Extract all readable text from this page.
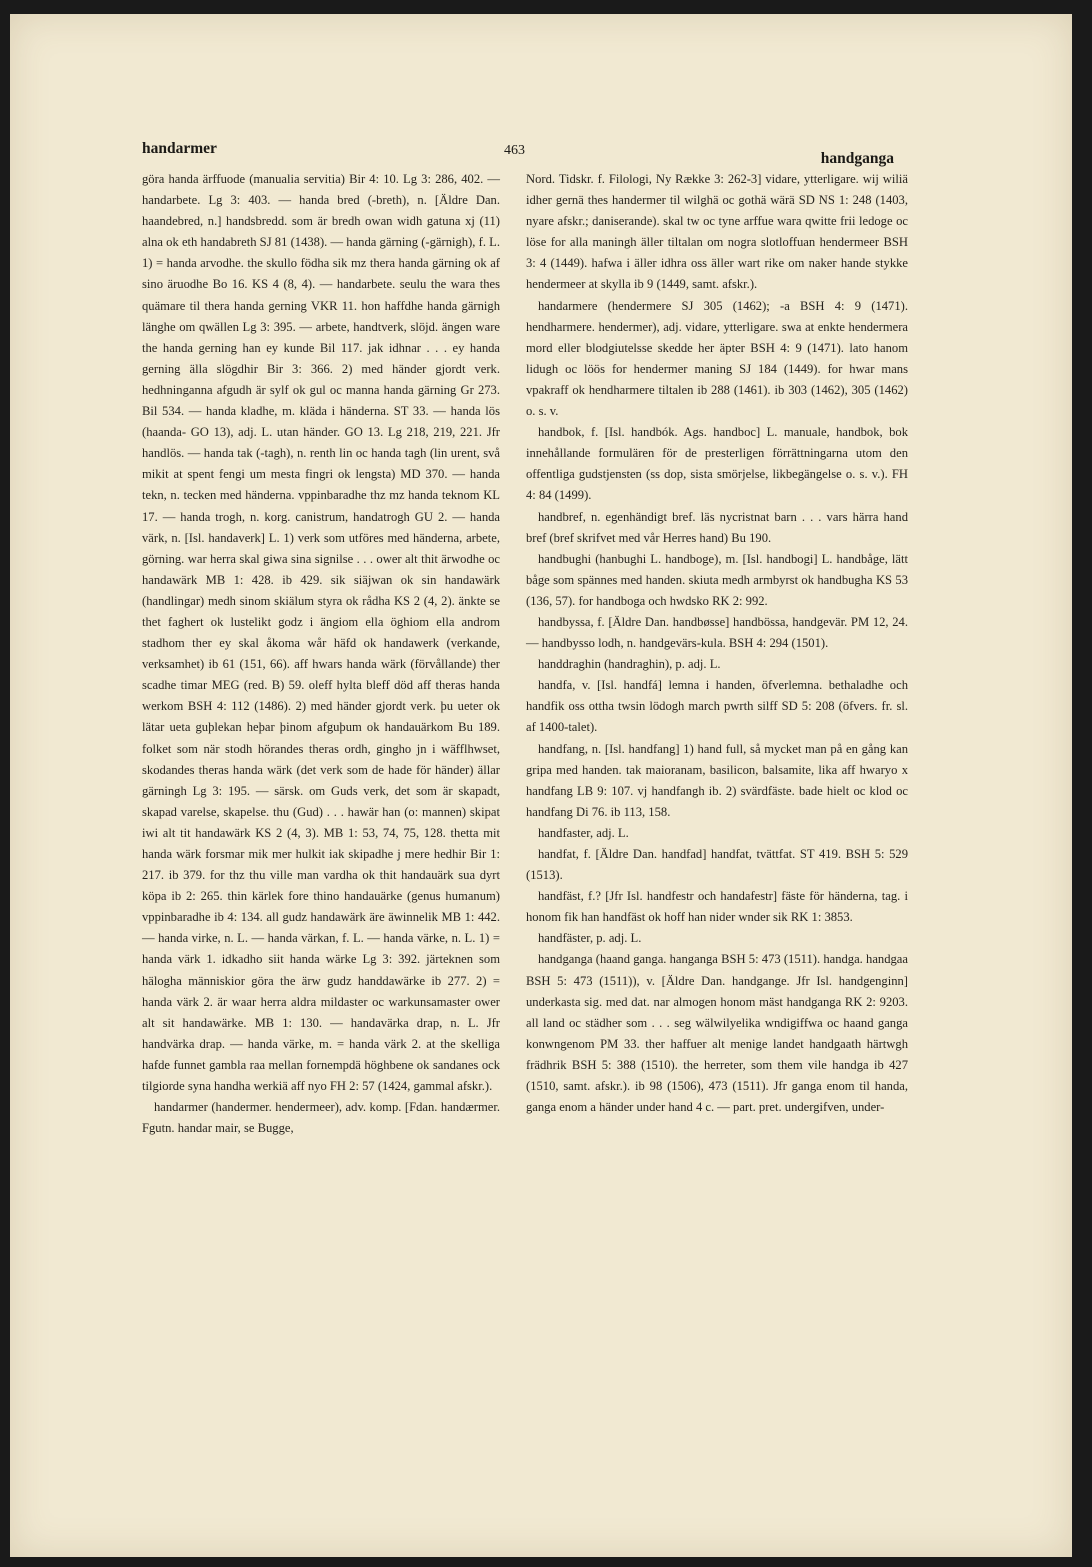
handarmer	463	handganga

göra handa ärffuode (manualia servitia) Bir 4: 10. Lg 3: 286, 402. — handarbete. Lg 3: 403. — handa bred (-breth), n. [Äldre Dan. haandebred, n.] handsbredd. som är bredh owan widh gatuna xj (11) alna ok eth handabreth SJ 81 (1438). — handa gärning (-gärnigh), f. L. 1) = handa arvodhe. the skullo födha sik mz thera handa gärning ok af sino äruodhe Bo 16. KS 4 (8, 4). — handarbete. seulu the wara thes quämare til thera handa gerning VKR 11. hon haffdhe handa gärnigh länghe om qwällen Lg 3: 395. — arbete, handtverk, slöjd. ängen ware the handa gerning han ey kunde Bil 117. jak idhnar . . . ey handa gerning älla slögdhir Bir 3: 366. 2) med händer gjordt verk. hedhninganna afgudh är sylf ok gul oc manna handa gärning Gr 273. Bil 534. — handa kladhe, m. kläda i händerna. ST 33. — handa lös (haanda- GO 13), adj. L. utan händer. GO 13. Lg 218, 219, 221. Jfr handlös. — handa tak (-tagh), n. renth lin oc handa tagh (lin urent, svå mikit at spent fengi um mesta fingri ok lengsta) MD 370. — handa tekn, n. tecken med händerna. vppinbaradhe thz mz handa teknom KL 17. — handa trogh, n. korg. canistrum, handatrogh GU 2. — handa värk, n. [Isl. handaverk] L. 1) verk som utföres med händerna, arbete, görning. war herra skal giwa sina signilse . . . ower alt thit ärwodhe oc handawärk MB 1: 428. ib 429. sik siäjwan ok sin handawärk (handlingar) medh sinom skiälum styra ok rådha KS 2 (4, 2). änkte se thet faghert ok lustelikt godz i ängiom ella öghiom ella androm stadhom ther ey skal åkoma wår häfd ok handawerk (verkande, verksamhet) ib 61 (151, 66). aff hwars handa wärk (förvållande) ther scadhe timar MEG (red. B) 59. oleff hylta bleff död aff theras handa werkom BSH 4: 112 (1486). 2) med händer gjordt verk. þu ueter ok lätar ueta guþlekan heþar þinom afguþum ok handauärkom Bu 189. folket som när stodh hörandes theras ordh, gingho jn i wäfflhwset, skodandes theras handa wärk (det verk som de hade för händer) ällar gärningh Lg 3: 195. — särsk. om Guds verk, det som är skapadt, skapad varelse, skapelse. thu (Gud) . . . hawär han (o: mannen) skipat iwi alt tit handawärk KS 2 (4, 3). MB 1: 53, 74, 75, 128. thetta mit handa wärk forsmar mik mer hulkit iak skipadhe j mere hedhir Bir 1: 217. ib 379. for thz thu ville man vardha ok thit handauärk sua dyrt köpa ib 2: 265. thin kärlek fore thino handauärke (genus humanum) vppinbaradhe ib 4: 134. all gudz handawärk äre äwinnelik MB 1: 442. — handa virke, n. L. — handa värkan, f. L. — handa värke, n. L. 1) = handa värk 1. idkadho siit handa wärke Lg 3: 392. järteknen som hälogha människior göra the ärw gudz handdawärke ib 277. 2) = handa värk 2. är waar herra aldra mildaster oc warkunsamaster ower alt sit handawärke. MB 1: 130. — handavärka drap, n. L. Jfr handvärka drap. — handa värke, m. = handa värk 2. at the skelliga hafde funnet gambla raa mellan fornempdä höghbene ok sandanes ock tilgiorde syna handha werkiä aff nyo FH 2: 57 (1424, gammal afskr.).

handarmer (handermer. hendermeer), adv. komp. [Fdan. handærmer. Fgutn. handar mair, se Bugge,

Nord. Tidskr. f. Filologi, Ny Række 3: 262-3] vidare, ytterligare. wij wiliä idher gernä thes handermer til wilghä oc gothä wärä SD NS 1: 248 (1403, nyare afskr.; daniserande). skal tw oc tyne arffue wara qwitte frii ledoge oc löse for alla maningh äller tiltalan om nogra slotloffuan hendermeer BSH 3: 4 (1449). hafwa i äller idhra oss äller wart rike om naker hande stykke hendermeer at skylla ib 9 (1449, samt. afskr.).

handarmere (hendermere SJ 305 (1462); -a BSH 4: 9 (1471). hendharmere. hendermer), adj. vidare, ytterligare. swa at enkte hendermera mord eller blodgiutelsse skedde her äpter BSH 4: 9 (1471). lato hanom lidugh oc löös for hendermer maning SJ 184 (1449). for hwar mans vpakraff ok hendharmere tiltalen ib 288 (1461). ib 303 (1462), 305 (1462) o. s. v.

handbok, f. [Isl. handbók. Ags. handboc] L. manuale, handbok, bok innehållande formulären för de presterligen förrättningarna utom den offentliga gudstjensten (ss dop, sista smörjelse, likbegängelse o. s. v.). FH 4: 84 (1499).

handbref, n. egenhändigt bref. läs nycristnat barn . . . vars härra hand bref (bref skrifvet med vår Herres hand) Bu 190.

handbughi (hanbughi L. handboge), m. [Isl. handbogi] L. handbåge, lätt båge som spännes med handen. skiuta medh armbyrst ok handbugha KS 53 (136, 57). for handboga och hwdsko RK 2: 992.

handbyssa, f. [Äldre Dan. handbøsse] handbössa, handgevär. PM 12, 24. — handbysso lodh, n. handgevärs-kula. BSH 4: 294 (1501).

handdraghin (handraghin), p. adj. L.

handfa, v. [Isl. handfá] lemna i handen, öfverlemna. bethaladhe och handfik oss ottha twsin lödogh march pwrth silff SD 5: 208 (öfvers. fr. sl. af 1400-talet).

handfang, n. [Isl. handfang] 1) hand full, så mycket man på en gång kan gripa med handen. tak maioranam, basilicon, balsamite, lika aff hwaryo x handfang LB 9: 107. vj handfangh ib. 2) svärdfäste. bade hielt oc klod oc handfang Di 76. ib 113, 158.

handfaster, adj. L.

handfat, f. [Äldre Dan. handfad] handfat, tvättfat. ST 419. BSH 5: 529 (1513).

handfäst, f.? [Jfr Isl. handfestr och handafestr] fäste för händerna, tag. i honom fik han handfäst ok hoff han nider wnder sik RK 1: 3853.

handfäster, p. adj. L.

handganga (haand ganga. hanganga BSH 5: 473 (1511). handga. handgaa BSH 5: 473 (1511)), v. [Äldre Dan. handgange. Jfr Isl. handgenginn] underkasta sig. med dat. nar almogen honom mäst handganga RK 2: 9203. all land oc städher som . . . seg wälwilyelika wndigiffwa oc haand ganga konwngenom PM 33. ther haffuer alt menige landet handgaath härtwgh frädhrik BSH 5: 388 (1510). the herreter, som them vile handga ib 427 (1510, samt. afskr.). ib 98 (1506), 473 (1511). Jfr ganga enom til handa, ganga enom a händer under hand 4 c. — part. pret. undergifven, under-
